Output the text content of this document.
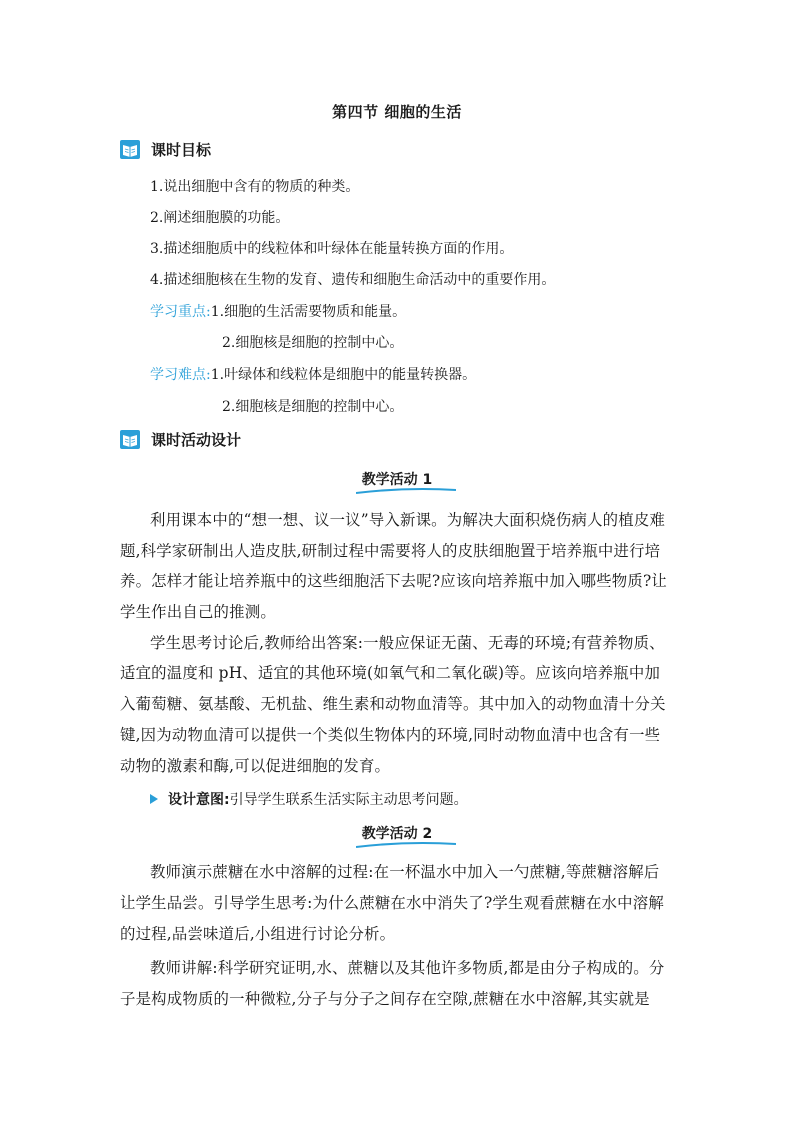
第四节 细胞的生活
课时目标
1.说出细胞中含有的物质的种类。
2.阐述细胞膜的功能。
3.描述细胞质中的线粒体和叶绿体在能量转换方面的作用。
4.描述细胞核在生物的发育、遗传和细胞生命活动中的重要作用。
学习重点:1.细胞的生活需要物质和能量。
2.细胞核是细胞的控制中心。
学习难点:1.叶绿体和线粒体是细胞中的能量转换器。
2.细胞核是细胞的控制中心。
课时活动设计
教学活动 1
利用课本中的“想一想、议一议”导入新课。为解决大面积烧伤病人的植皮难
题,科学家研制出人造皮肤,研制过程中需要将人的皮肤细胞置于培养瓶中进行培
养。怎样才能让培养瓶中的这些细胞活下去呢?应该向培养瓶中加入哪些物质?让
学生作出自己的推测。
学生思考讨论后,教师给出答案:一般应保证无菌、无毒的环境;有营养物质、
适宜的温度和 pH、适宜的其他环境(如氧气和二氧化碳)等。应该向培养瓶中加
入葡萄糖、氨基酸、无机盐、维生素和动物血清等。其中加入的动物血清十分关
键,因为动物血清可以提供一个类似生物体内的环境,同时动物血清中也含有一些
动物的激素和酶,可以促进细胞的发育。
设计意图: 引导学生联系生活实际主动思考问题。
教学活动 2
教师演示蔗糖在水中溶解的过程:在一杯温水中加入一勺蔗糖,等蔗糖溶解后
让学生品尝。引导学生思考:为什么蔗糖在水中消失了?学生观看蔗糖在水中溶解
的过程,品尝味道后,小组进行讨论分析。
教师讲解:科学研究证明,水、蔗糖以及其他许多物质,都是由分子构成的。分
子是构成物质的一种微粒,分子与分子之间存在空隙,蔗糖在水中溶解,其实就是
